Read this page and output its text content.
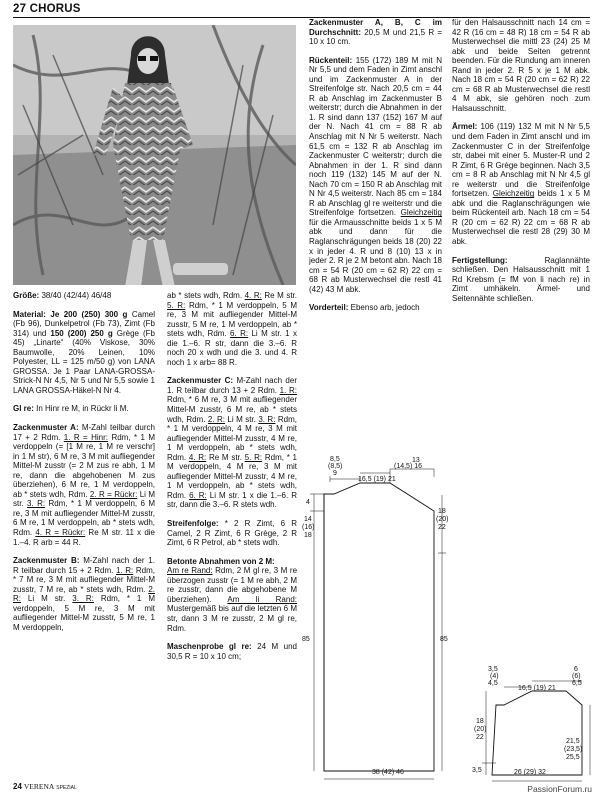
27 CHORUS

Größe: 38/40 (42/44) 46/48

Material: Je 200 (250) 300 g Camel (Fb 96), Dunkelpetrol (Fb 73), Zimt (Fb 314) und 150 (200) 250 g Grège (Fb 45) „Linarte“ (40% Viskose, 30% Baumwolle, 20% Leinen, 10% Polyester, LL = 125 m/50 g) von LANA GROSSA. Je 1 Paar LANA-GROSSA-Strick-N Nr 4,5, Nr 5 und Nr 5,5 sowie 1 LANA GROSSA-Häkel-N Nr 4.

Gl re: In Hinr re M, in Rückr li M.

Zackenmuster A: M-Zahl teilbar durch 17 + 2 Rdm. 1. R = Hinr: Rdm, * 1 M verdoppeln (= [1 M re, 1 M re verschr] in 1 M str), 6 M re, 3 M mit aufliegender Mittel-M zusstr (= 2 M zus re abh, 1 M re, dann die abgehobenen M zus überziehen), 6 M re, 1 M verdoppeln, ab * stets wdh, Rdm. 2. R = Rückr: Li M str. 3. R: Rdm, * 1 M verdoppeln, 6 M re, 3 M mit aufliegender Mittel-M zusstr, 6 M re, 1 M verdoppeln, ab * stets wdh, Rdm. 4. R = Rückr: Re M str. 11 x die 1.–4. R arb = 44 R.

Zackenmuster B: M-Zahl nach der 1. R teilbar durch 15 + 2 Rdm. 1. R: Rdm, * 7 M re, 3 M mit aufliegender Mittel-M zusstr, 7 M re, ab * stets wdh, Rdm. 2. R: Li M str. 3. R: Rdm, * 1 M verdoppeln, 5 M re, 3 M mit aufliegender Mittel-M zusstr, 5 M re, 1 M verdoppeln,

ab * stets wdh, Rdm. 4. R: Re M str. 5. R: Rdm, * 1 M verdoppeln, 5 M re, 3 M mit aufliegender Mittel-M zusstr, 5 M re, 1 M verdoppeln, ab * stets wdh, Rdm. 6. R: Li M str. 1 x die 1.–6. R str, dann die 3.–6. R noch 20 x wdh und die 3. und 4. R noch 1 x arb= 88 R.

Zackenmuster C: M-Zahl nach der 1. R teilbar durch 13 + 2 Rdm. 1. R: Rdm, * 6 M re, 3 M mit aufliegender Mittel-M zusstr, 6 M re, ab * stets wdh, Rdm. 2. R: Li M str. 3. R: Rdm, * 1 M verdoppeln, 4 M re, 3 M mit aufliegender Mittel-M zusstr, 4 M re, 1 M verdoppeln, ab * stets wdh, Rdm. 4. R: Re M str. 5. R: Rdm, * 1 M verdoppeln, 4 M re, 3 M mit aufliegender Mittel-M zusstr, 4 M re, 1 M verdoppeln, ab * stets wdh, Rdm. 6. R: Li M str. 1 x die 1.–6. R str, dann die 3.–6. R stets wdh.

Streifenfolge: * 2 R Zimt, 6 R Camel, 2 R Zimt, 6 R Grège, 2 R Zimt, 6 R Petrol, ab * stets wdh.

Betonte Abnahmen von 2 M:
Am re Rand: Rdm, 2 M gl re, 3 M re überzogen zusstr (= 1 M re abh, 2 M re zusstr, dann die abgehobene M überziehen). Am li Rand: Mustergemäß bis auf die letzten 6 M str, dann 3 M re zusstr, 2 M gl re, Rdm.

Maschenprobe gl re: 24 M und 30,5 R = 10 x 10 cm;

Zackenmuster A, B, C im Durchschnitt: 20,5 M und 21,5 R = 10 x 10 cm.

Rückenteil: 155 (172) 189 M mit N Nr 5,5 und dem Faden in Zimt anschl und im Zackenmuster A in der Streifenfolge str. Nach 20,5 cm = 44 R ab Anschlag im Zackenmuster B weiterstr; durch die Abnahmen in der 1. R sind dann 137 (152) 167 M auf der N. Nach 41 cm = 88 R ab Anschlag mit N Nr 5 weiterstr. Nach 61,5 cm = 132 R ab Anschlag im Zackenmuster C weiterstr; durch die Abnahmen in der 1. R sind dann noch 119 (132) 145 M auf der N. Nach 70 cm = 150 R ab Anschlag mit N Nr 4,5 weiterstr. Nach 85 cm = 184 R ab Anschlag gl re weiterstr und die Streifenfolge fortsetzen. Gleichzeitig für die Armausschnitte beids 1 x 5 M abk und dann für die Raglanschrägungen beids 18 (20) 22 x in jeder 4. R und 8 (10) 13 x in jeder 2. R je 2 M betont abn. Nach 18 cm = 54 R (20 cm = 62 R) 22 cm = 68 R ab Musterwechsel die restl 41 (42) 43 M abk.

Vorderteil: Ebenso arb, jedoch

für den Halsausschnitt nach 14 cm = 42 R (16 cm = 48 R) 18 cm = 54 R ab Musterwechsel die mittl 23 (24) 25 M abk und beide Seiten getrennt beenden. Für die Rundung am inneren Rand in jeder 2. R 5 x je 1 M abk. Nach 18 cm = 54 R (20 cm = 62 R) 22 cm = 68 R ab Musterwechsel die restl 4 M abk, sie gehören noch zum Halsausschnitt.

Ärmel: 106 (119) 132 M mit N Nr 5,5 und dem Faden in Zimt anschl und im Zackenmuster C in der Streifenfolge str, dabei mit einer 5. Muster-R und 2 R Zimt, 6 R Grège beginnen. Nach 3,5 cm = 8 R ab Anschlag mit N Nr 4,5 gl re weiterstr und die Streifenfolge fortsetzen. Gleichzeitig beids 1 x 5 M abk und die Raglanschrägungen wie beim Rückenteil arb. Nach 18 cm = 54 R (20 cm = 62 R) 22 cm = 68 R ab Musterwechsel die restl 28 (29) 30 M abk.

Fertigstellung: Raglannähte schließen. Den Halsausschnitt mit 1 Rd Krebsm (= fM von li nach re) in Zimt umhäkeln. Ärmel- und Seitennähte schließen.

8,5
(8,5)
9
16,5 (19) 21
13
(14,5) 16
4
14
(16)
18
18
(20)
22
85	85
38 (42) 46
3,5
(4)
4,5
6
(6)
6,5
16,5 (19) 21
18
(20)
22
21,5
(23,5)
25,5
3,5	26 (29) 32
24 VERENA SPEZIAL	PassionForum.ru
